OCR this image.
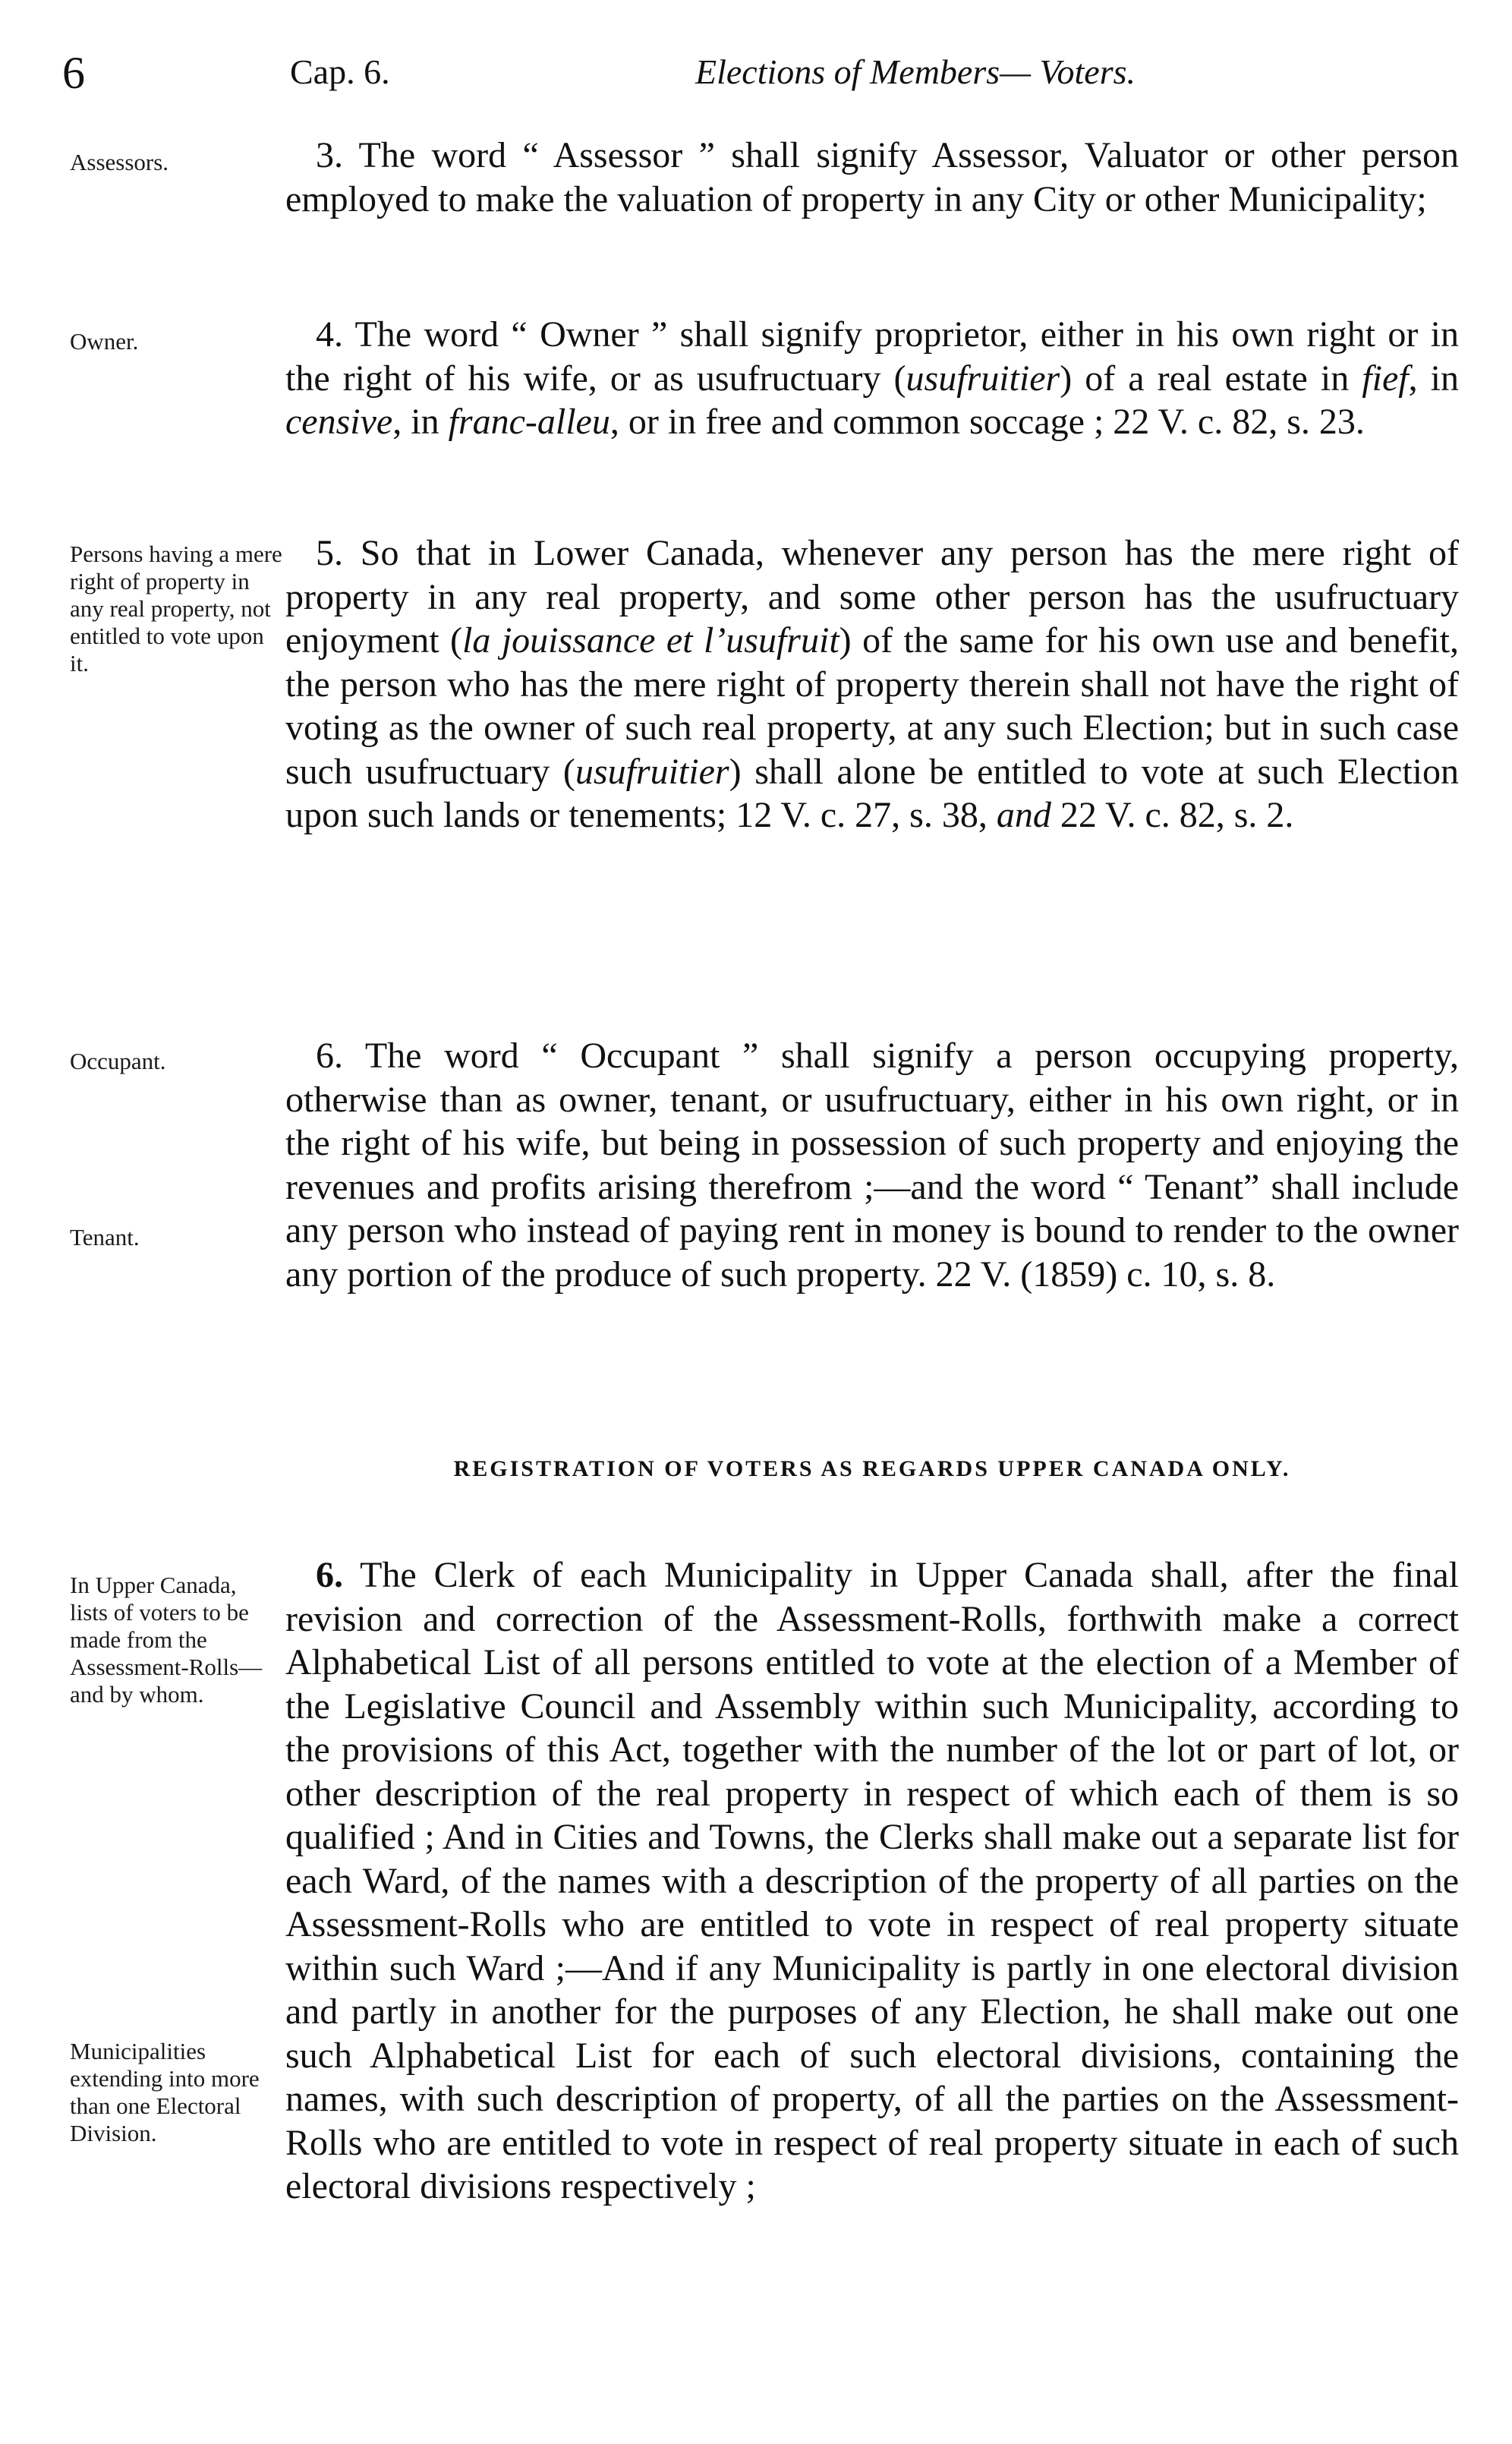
6	Cap. 6.	Elections of Members— Voters.
Assessors.
Owner.
Persons having a mere right of property in any real property, not entitled to vote upon it.
Occupant.
Tenant.
In Upper Canada, lists of voters to be made from the Assessment-Rolls—and by whom.
Municipalities extending into more than one Electoral Division.

3. The word “ Assessor ” shall signify Assessor, Valuator or other person employed to make the valuation of property in any City or other Municipality;

4. The word “ Owner ” shall signify proprietor, either in his own right or in the right of his wife, or as usufructuary (usufruitier) of a real estate in fief, in censive, in franc-alleu, or in free and common soccage ; 22 V. c. 82, s. 23.

5. So that in Lower Canada, whenever any person has the mere right of property in any real property, and some other person has the usufructuary enjoyment (la jouissance et l’usufruit) of the same for his own use and benefit, the person who has the mere right of property therein shall not have the right of voting as the owner of such real property, at any such Election; but in such case such usufructuary (usufruitier) shall alone be entitled to vote at such Election upon such lands or tenements; 12 V. c. 27, s. 38, and 22 V. c. 82, s. 2.

6. The word “ Occupant ” shall signify a person occupying property, otherwise than as owner, tenant, or usufructuary, either in his own right, or in the right of his wife, but being in possession of such property and enjoying the revenues and profits arising therefrom ;—and the word “ Tenant” shall include any person who instead of paying rent in money is bound to render to the owner any portion of the produce of such property. 22 V. (1859) c. 10, s. 8.

REGISTRATION OF VOTERS AS REGARDS UPPER CANADA ONLY.

6. The Clerk of each Municipality in Upper Canada shall, after the final revision and correction of the Assessment-Rolls, forthwith make a correct Alphabetical List of all persons entitled to vote at the election of a Member of the Legislative Council and Assembly within such Municipality, according to the provisions of this Act, together with the number of the lot or part of lot, or other description of the real property in respect of which each of them is so qualified ; And in Cities and Towns, the Clerks shall make out a separate list for each Ward, of the names with a description of the property of all parties on the Assessment-Rolls who are entitled to vote in respect of real property situate within such Ward ;—And if any Municipality is partly in one electoral division and partly in another for the purposes of any Election, he shall make out one such Alphabetical List for each of such electoral divisions, containing the names, with such description of property, of all the parties on the Assessment-Rolls who are entitled to vote in respect of real property situate in each of such electoral divisions respectively ;
